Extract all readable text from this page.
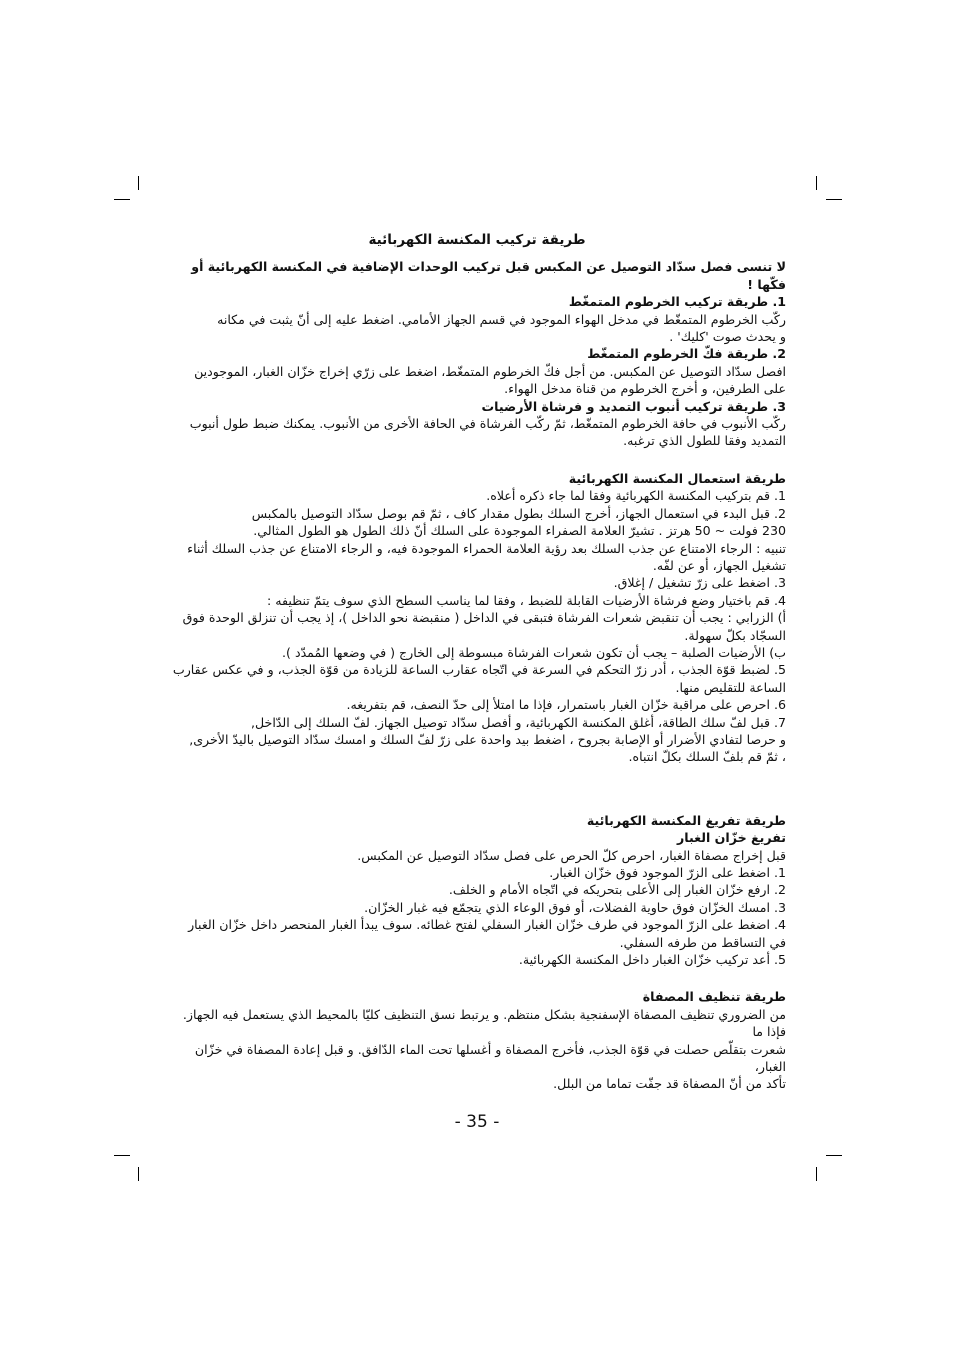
طريقة تركيب المكنسة الكهربائية

لا تنسى فصل سدّاد التوصيل عن المكبس قبل تركيب الوحدات الإضافية في المكنسة الكهربائية أو فكّها !

1. طريقة تركيب الخرطوم المتمغّط

ركّب الخرطوم المتمغّط في مدخل الهواء الموجود في قسم الجهاز الأمامي. اضغط عليه إلى أنّ يثبت في مكانه

و يحدث صوت 'كليك' .

2. طريقة فكّ الخرطوم المتمغّط

افصل سدّاد التوصيل عن المكبس. من أجل فكّ الخرطوم المتمغّط، اضغط على زرّي إخراج خزّان الغبار، الموجودين

على الطرفين، و أخرج الخرطوم من قناة مدخل الهواء.

3. طريقة تركيب أنبوب التمديد و فرشاة الأرضيات

ركّب الأنبوب في حافة الخرطوم المتمغّط، ثمّ ركّب الفرشاة في الحافة الأخرى من الأنبوب. يمكنك ضبط طول أنبوب

التمديد وفقا للطول الذي ترغبه.

طريقة استعمال المكنسة الكهربائية

1. قم بتركيب المكنسة الكهربائية وفقا لما جاء ذكره أعلاه.

2. قبل البدء في استعمال الجهاز، أخرج السلك بطول مقدار كاف ، ثمّ قم بوصل سدّاد التوصيل بالمكبس

230 فولت ~ 50 هرتز . تشيرّ العلامة الصفراء الموجودة على السلك أنّ ذلك الطول هو الطول المثالي.

تنبيه : الرجاء الامتناع عن جذب السلك بعد رؤية العلامة الحمراء الموجودة فيه، و الرجاء الامتناع عن جذب السلك أثناء

تشغيل الجهاز، أو عن لفّه.

3. اضغط على زرّ تشغيل / إغلاق.

4. قم باختيار وضع فرشاة الأرضيات القابلة للضبط ، وفقا لما يناسب السطح الذي سوف يتمّ تنظيفه :

أ) الزرابي : يجب أن تنقبض شعرات الفرشاة فتبقى في الداخل ( منقبضة نحو الداخل )، إذ يجب أن تنزلق الوحدة فوق

السجّاد بكلّ سهولة.

ب) الأرضيات الصلبة – يجب أن تكون شعرات الفرشاة مبسوطة إلى الخارج ( في وضعها المُمدّد ).

5. لضبط قوّة الجذب ، أدر زرّ التحكم في السرعة في اتّجاه عقارب الساعة للزيادة من قوّة الجذب، و في عكس عقارب

الساعة للتقليص منها.

6. احرص على مراقبة خزّان الغبار باستمرار، فإذا ما امتلأ إلى حدّ النصف، قم بتفريغه.

7. قبل لفّ سلك الطاقة، أغلق المكنسة الكهربائية، و أفصل سدّاد توصيل الجهاز. لفّ السلك إلى الدّاخل,

و حرصا لتفادي الأضرار أو الإصابة بجروح ، اضغط بيد واحدة على زرّ لفّ السلك و امسك سدّاد التوصيل باليدّ الأخرى,

، ثمّ قم بلفّ السلك بكلّ انتباه.

طريقة تفريغ المكنسة الكهربائية

تفريغ خزّان الغبار

قبل إخراج مصفاة الغبار، احرص كلّ الحرص على فصل سدّاد التوصيل عن المكبس.

1. اضغط على الزرّ الموجود فوق خزّان الغبار.

2. ارفع خزّان الغبار إلى الأعلى بتحريكه في اتّجاه الأمام و الخلف.

3. امسك الخزّان فوق حاوية الفضلات، أو فوق الوعاء الذي يتجمّع فيه غبار الخزّان.

4. اضغط على الزرّ الموجود في طرف خزّان الغبار السفلي لفتح غطائه. سوف يبدأ الغبار المنحصر داخل خزّان الغبار

في التساقط من طرفه السفلي.

5. أعد تركيب خزّان الغبار داخل المكنسة الكهربائية.

طريقة تنظيف المصفاة

من الضروري تنظيف المصفاة الإسفنجية بشكل منتظم. و يرتبط نسق التنظيف كليّا بالمحيط الذي يستعمل فيه الجهاز. فإذا ما

شعرت بتقلّص حصلت في قوّة الجذب، فأخرج المصفاة و أغسلها تحت الماء الدّافق. و قبل إعادة المصفاة في خزّان الغبار،

تأكد من أنّ المصفاة قد جفّت تماما من البلل.

- 35 -
